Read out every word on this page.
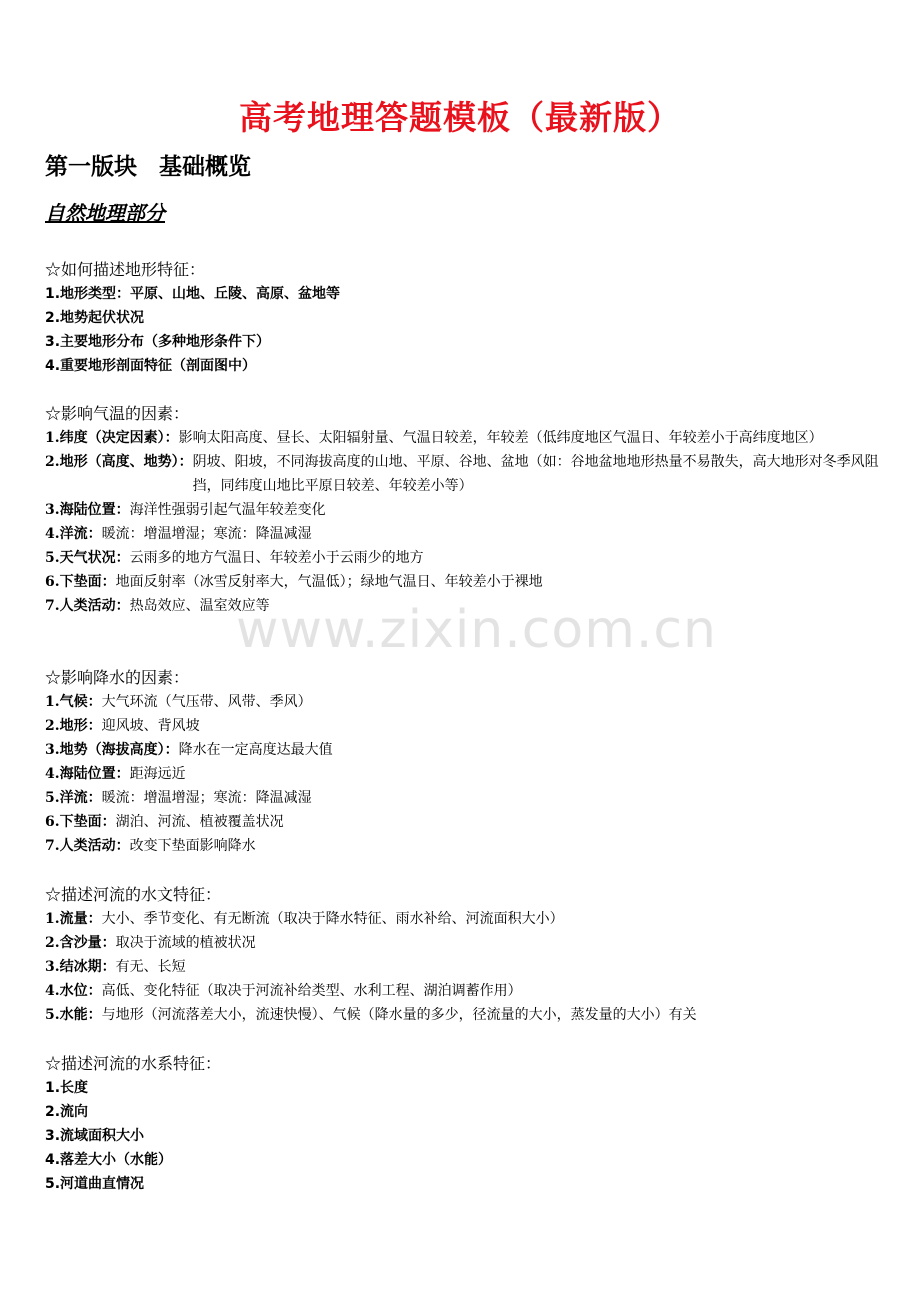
www.zixin.com.cn
高考地理答题模板（最新版）
第一版块 基础概览
自然地理部分
☆如何描述地形特征：
1.地形类型：平原、山地、丘陵、高原、盆地等
2.地势起伏状况
3.主要地形分布（多种地形条件下）
4.重要地形剖面特征（剖面图中）
☆影响气温的因素：
1.纬度（决定因素）： 影响太阳高度、昼长、太阳辐射量、气温日较差，年较差（低纬度地区气温日、年较差小于高纬度地区）
2.地形（高度、地势）： 阴坡、阳坡，不同海拔高度的山地、平原、谷地、盆地（如：谷地盆地地形热量不易散失，高大地形对冬季风阻挡，同纬度山地比平原日较差、年较差小等）
3.海陆位置：海洋性强弱引起气温年较差变化
4.洋流：暖流：增温增湿；寒流：降温减湿
5.天气状况：云雨多的地方气温日、年较差小于云雨少的地方
6.下垫面：地面反射率（冰雪反射率大，气温低）；绿地气温日、年较差小于裸地
7.人类活动：热岛效应、温室效应等
☆影响降水的因素：
1.气候：大气环流（气压带、风带、季风）
2.地形：迎风坡、背风坡
3.地势（海拔高度）：降水在一定高度达最大值
4.海陆位置：距海远近
5.洋流：暖流：增温增湿；寒流：降温减湿
6.下垫面：湖泊、河流、植被覆盖状况
7.人类活动：改变下垫面影响降水
☆描述河流的水文特征：
1.流量：大小、季节变化、有无断流（取决于降水特征、雨水补给、河流面积大小）
2.含沙量：取决于流域的植被状况
3.结冰期：有无、长短
4.水位：高低、变化特征（取决于河流补给类型、水利工程、湖泊调蓄作用）
5.水能：与地形（河流落差大小，流速快慢）、气候（降水量的多少，径流量的大小，蒸发量的大小）有关
☆描述河流的水系特征：
1.长度
2.流向
3.流域面积大小
4.落差大小（水能）
5.河道曲直情况
